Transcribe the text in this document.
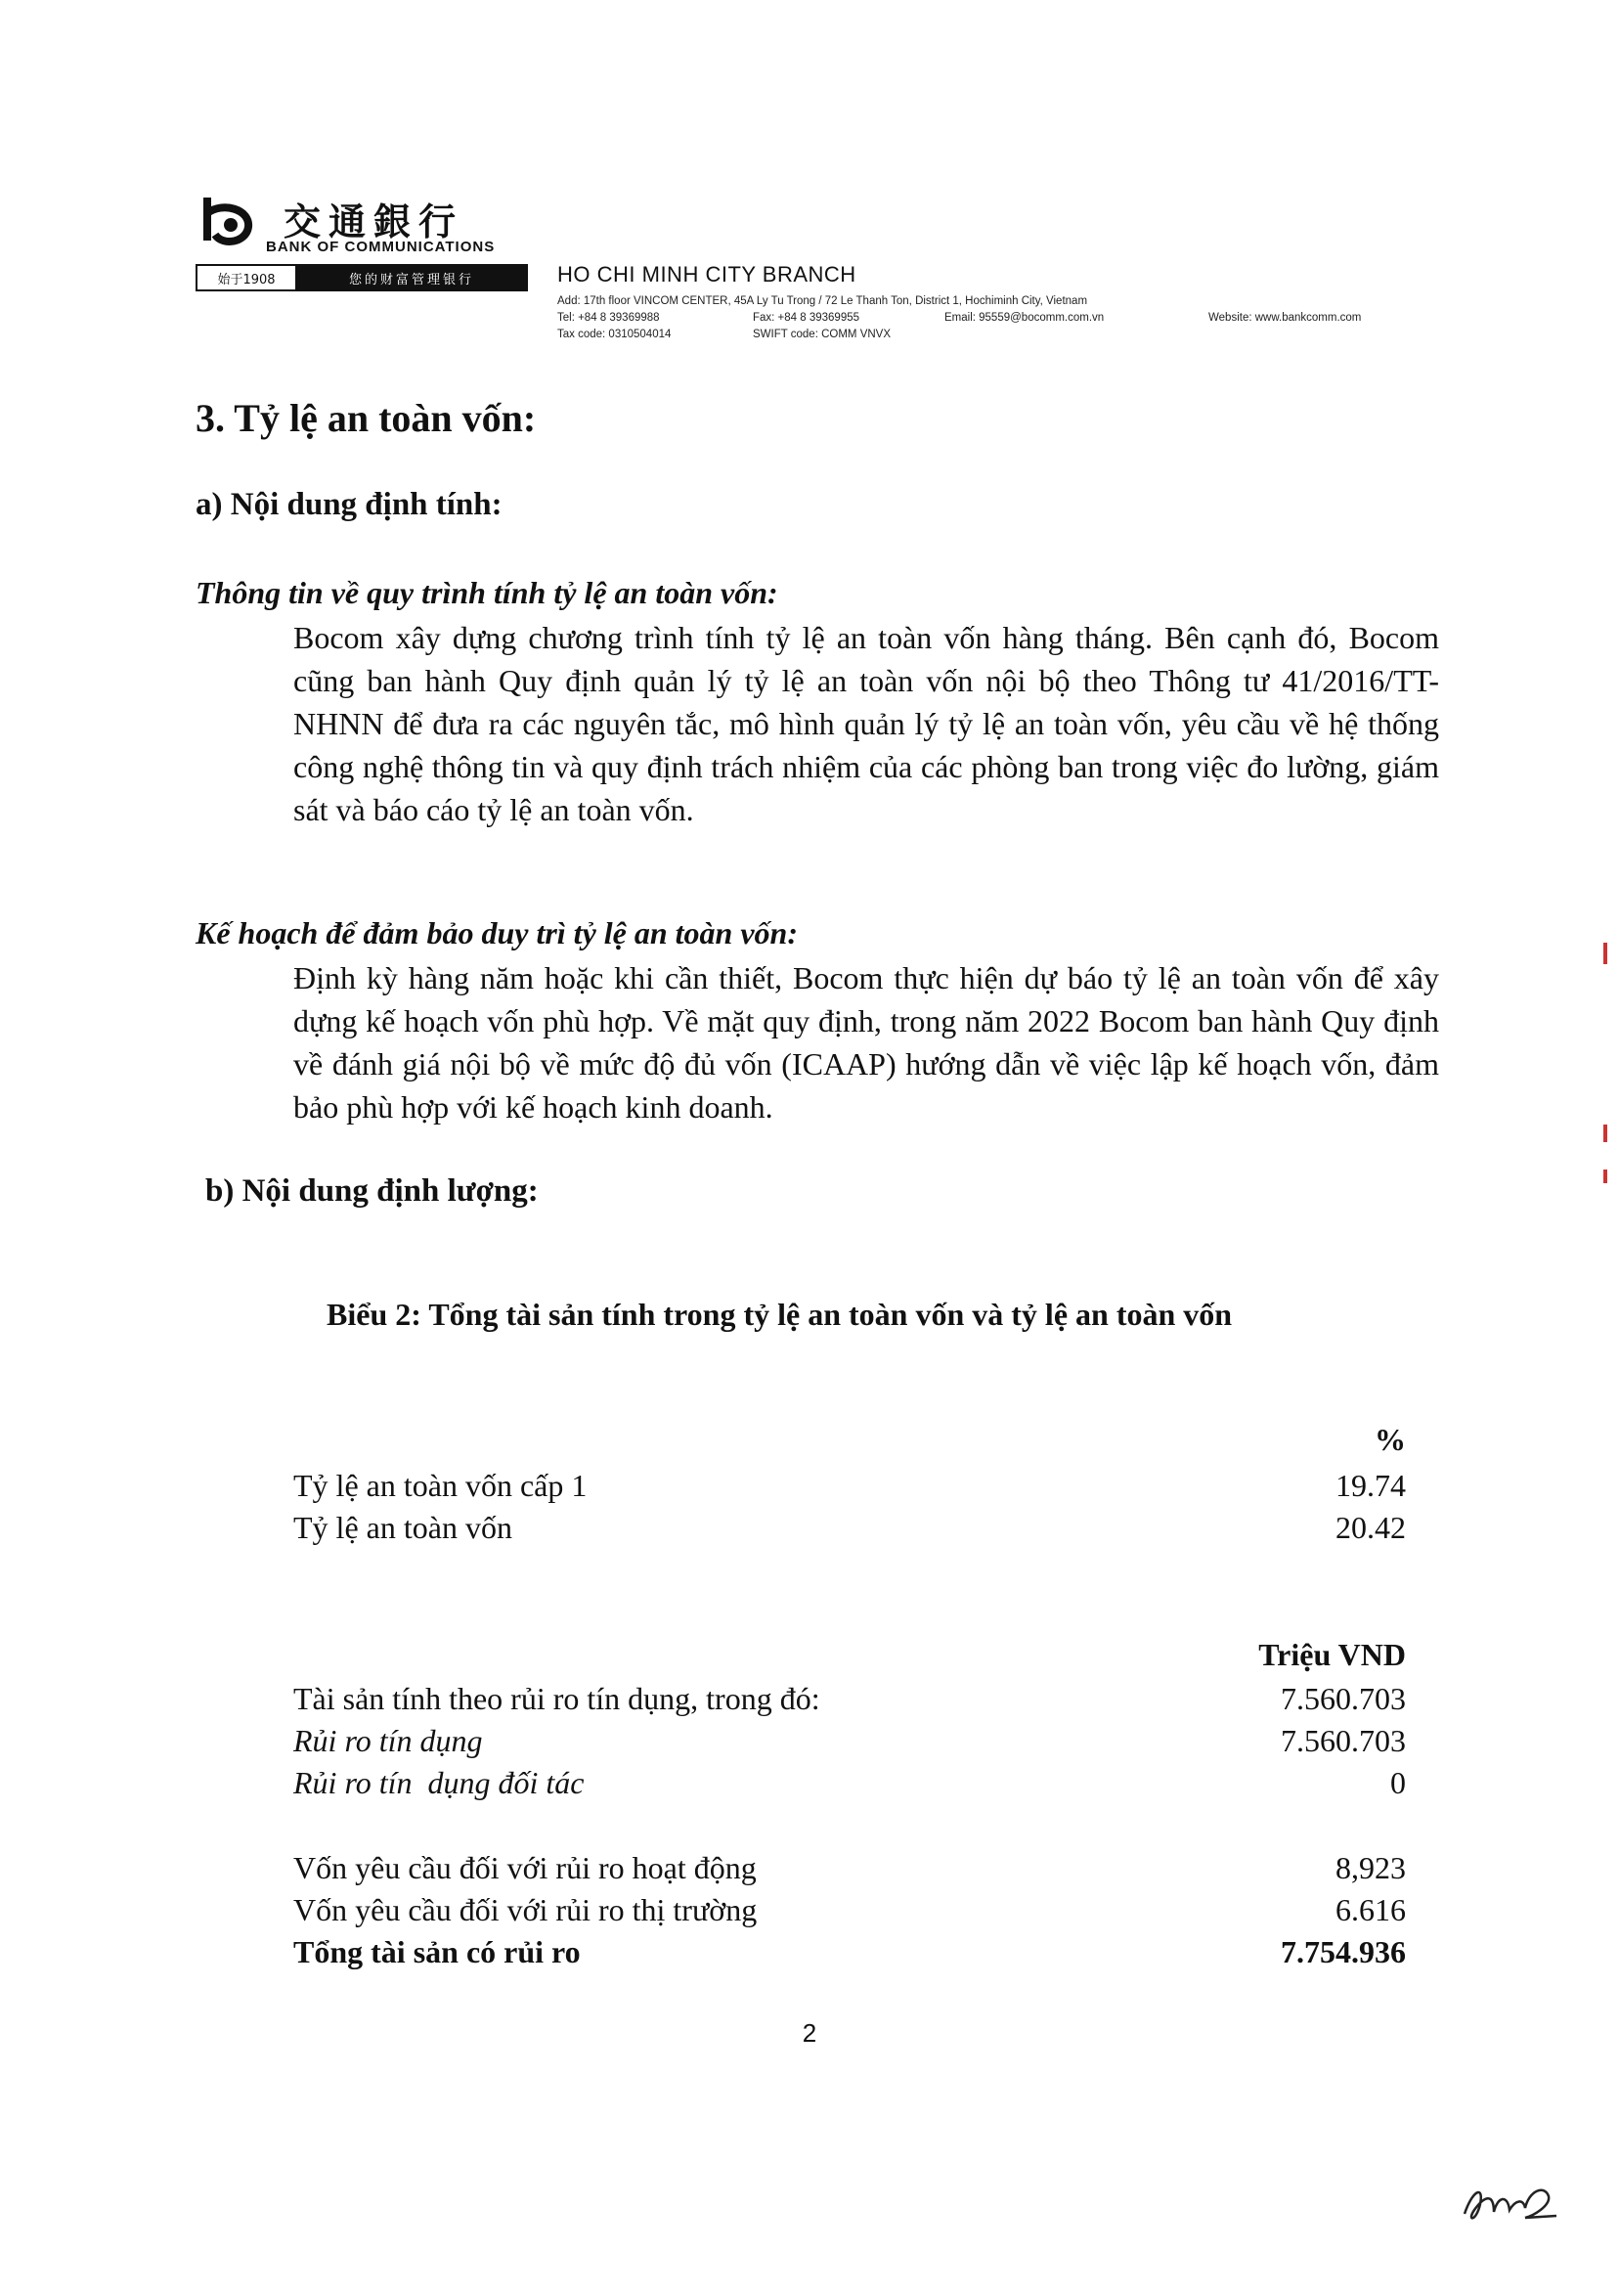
交通銀行
BANK OF COMMUNICATIONS
始于1908	您的财富管理银行	HO CHI MINH CITY BRANCH
Add: 17th floor VINCOM CENTER, 45A Ly Tu Trong / 72 Le Thanh Ton, District 1, Hochiminh City, Vietnam
Tel: +84 8 39369988	Fax: +84 8 39369955	Email: 95559@bocomm.com.vn	Website: www.bankcomm.com
Tax code: 0310504014	SWIFT code: COMM VNVX
3. Tỷ lệ an toàn vốn:
a) Nội dung định tính:
Thông tin về quy trình tính tỷ lệ an toàn vốn:
Bocom xây dựng chương trình tính tỷ lệ an toàn vốn hàng tháng. Bên cạnh đó, Bocom cũng ban hành Quy định quản lý tỷ lệ an toàn vốn nội bộ theo Thông tư 41/2016/TT-NHNN để đưa ra các nguyên tắc, mô hình quản lý tỷ lệ an toàn vốn, yêu cầu về hệ thống công nghệ thông tin và quy định trách nhiệm của các phòng ban trong việc đo lường, giám sát và báo cáo tỷ lệ an toàn vốn.
Kế hoạch để đảm bảo duy trì tỷ lệ an toàn vốn:
Định kỳ hàng năm hoặc khi cần thiết, Bocom thực hiện dự báo tỷ lệ an toàn vốn để xây dựng kế hoạch vốn phù hợp. Về mặt quy định, trong năm 2022 Bocom ban hành Quy định về đánh giá nội bộ về mức độ đủ vốn (ICAAP) hướng dẫn về việc lập kế hoạch vốn, đảm bảo phù hợp với kế hoạch kinh doanh.
b) Nội dung định lượng:
Biểu 2: Tổng tài sản tính trong tỷ lệ an toàn vốn và tỷ lệ an toàn vốn
%
Tỷ lệ an toàn vốn cấp 1	19.74
Tỷ lệ an toàn vốn	20.42
Triệu VND
Tài sản tính theo rủi ro tín dụng, trong đó:	7.560.703
Rủi ro tín dụng	7.560.703
Rủi ro tín  dụng đối tác	0
Vốn yêu cầu đối với rủi ro hoạt động	8,923
Vốn yêu cầu đối với rủi ro thị trường	6.616
Tổng tài sản có rủi ro	7.754.936
2
